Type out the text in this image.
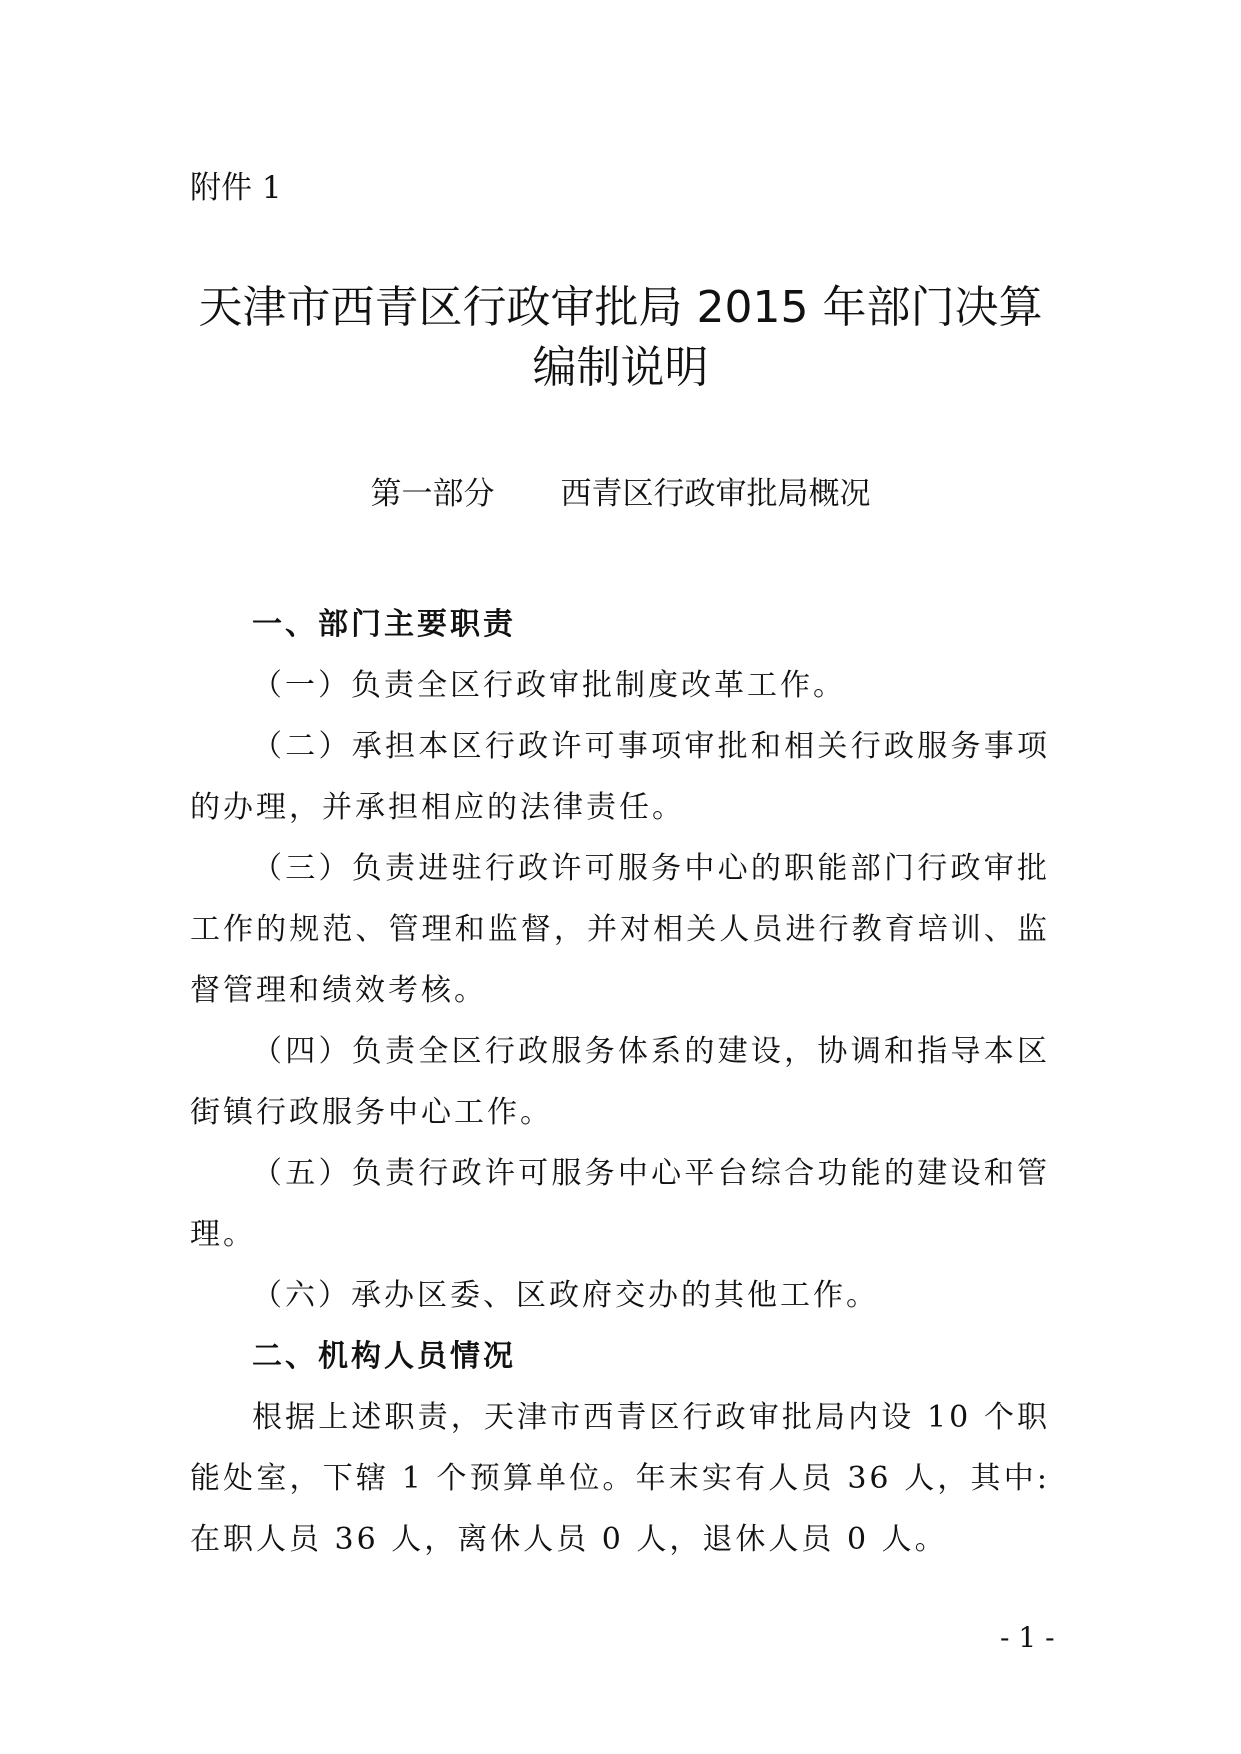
附件 1
天津市西青区行政审批局 2015 年部门决算
编制说明
第一部分 西青区行政审批局概况

一、部门主要职责

（一）负责全区行政审批制度改革工作。

（二）承担本区行政许可事项审批和相关行政服务事项的办理，并承担相应的法律责任。

（三）负责进驻行政许可服务中心的职能部门行政审批工作的规范、管理和监督，并对相关人员进行教育培训、监督管理和绩效考核。

（四）负责全区行政服务体系的建设，协调和指导本区街镇行政服务中心工作。

（五）负责行政许可服务中心平台综合功能的建设和管理。

（六）承办区委、区政府交办的其他工作。

二、机构人员情况

根据上述职责，天津市西青区行政审批局内设 10 个职能处室，下辖 1 个预算单位。年末实有人员 36 人，其中:在职人员 36 人，离休人员 0 人，退休人员 0 人。

- 1 -
